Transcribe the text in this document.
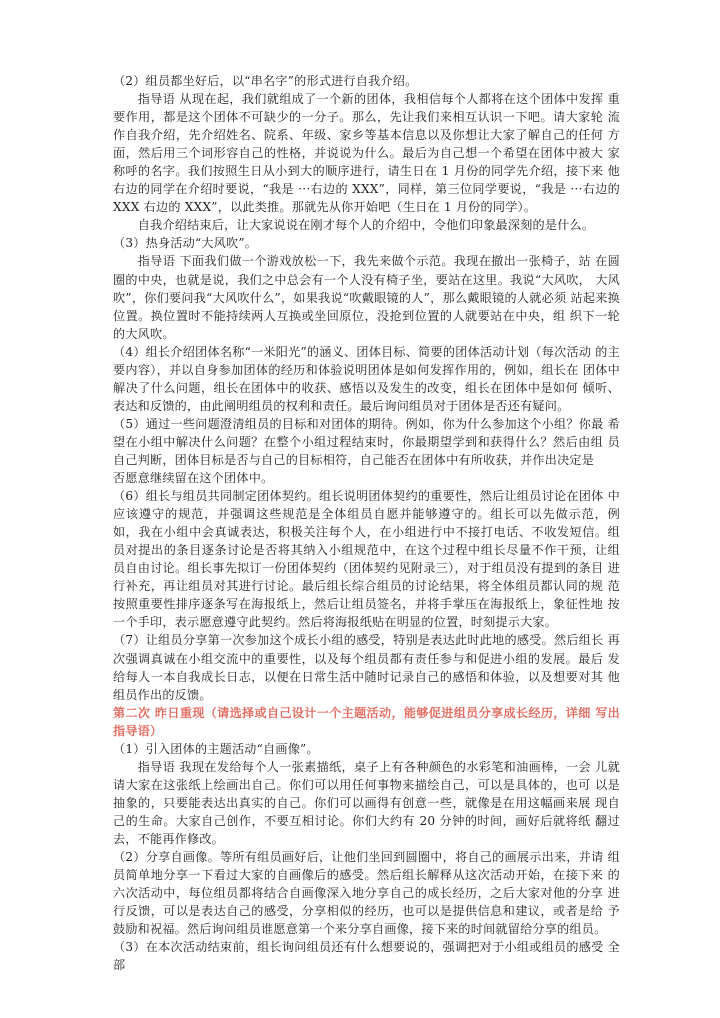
（2）组员都坐好后，以“串名字”的形式进行自我介绍。

指导语 从现在起，我们就组成了一个新的团体，我相信每个人都将在这个团体中发挥 重要作用，都是这个团体不可缺少的一分子。那么，先让我们来相互认识一下吧。请大家轮 流作自我介绍，先介绍姓名、院系、年级、家乡等基本信息以及你想让大家了解自己的任何 方面，然后用三个词形容自己的性格，并说说为什么。最后为自己想一个希望在团体中被大 家称呼的名字。我们按照生日从小到大的顺序进行，请生日在 1 月份的同学先介绍，接下来 他右边的同学在介绍时要说，“我是 ···右边的 XXX”，同样，第三位同学要说，“我是 ···右边的 XXX 右边的 XXX”，以此类推。那就先从你开始吧（生日在 1 月份的同学）。

自我介绍结束后，让大家说说在刚才每个人的介绍中，令他们印象最深刻的是什么。

（3）热身活动“大风吹”。

指导语 下面我们做一个游戏放松一下，我先来做个示范。我现在撤出一张椅子，站 在圆圈的中央，也就是说，我们之中总会有一个人没有椅子坐，要站在这里。我说“大风吹， 大风吹”，你们要问我“大风吹什么”，如果我说“吹戴眼镜的人”，那么戴眼镜的人就必须 站起来换位置。换位置时不能持续两人互换或坐回原位，没抢到位置的人就要站在中央，组 织下一轮的大风吹。

（4）组长介绍团体名称“一米阳光”的涵义、团体目标、简要的团体活动计划（每次活动 的主要内容），并以自身参加团体的经历和体验说明团体是如何发挥作用的，例如，组长在 团体中解决了什么问题，组长在团体中的收获、感悟以及发生的改变，组长在团体中是如何 倾听、表达和反馈的，由此阐明组员的权利和责任。最后询问组员对于团体是否还有疑问。

（5）通过一些问题澄清组员的目标和对团体的期待。例如，你为什么参加这个小组？你最 希望在小组中解决什么问题？在整个小组过程结束时，你最期望学到和获得什么？然后由组 员自己判断，团体目标是否与自己的目标相符，自己能否在团体中有所收获，并作出决定是

否愿意继续留在这个团体中。

（6）组长与组员共同制定团体契约。组长说明团体契约的重要性，然后让组员讨论在团体 中应该遵守的规范，并强调这些规范是全体组员自愿并能够遵守的。组长可以先做示范，例 如，我在小组中会真诚表达，积极关注每个人，在小组进行中不接打电话、不收发短信。组 员对提出的条目逐条讨论是否将其纳入小组规范中，在这个过程中组长尽量不作干预，让组 员自由讨论。组长事先拟订一份团体契约（团体契约见附录三），对于组员没有提到的条目 进行补充，再让组员对其进行讨论。最后组长综合组员的讨论结果，将全体组员都认同的规 范按照重要性排序逐条写在海报纸上，然后让组员签名，并将手掌压在海报纸上，象征性地 按一个手印，表示愿意遵守此契约。然后将海报纸贴在明显的位置，时刻提示大家。

（7）让组员分享第一次参加这个成长小组的感受，特别是表达此时此地的感受。然后组长 再次强调真诚在小组交流中的重要性，以及每个组员都有责任参与和促进小组的发展。最后 发给每人一本自我成长日志，以便在日常生活中随时记录自己的感悟和体验，以及想要对其 他组员作出的反馈。

第二次 昨日重现（请选择或自己设计一个主题活动，能够促进组员分享成长经历，详细 写出指导语）

（1）引入团体的主题活动“自画像”。

指导语 我现在发给每个人一张素描纸，桌子上有各种颜色的水彩笔和油画棒，一会 儿就请大家在这张纸上绘画出自己。你们可以用任何事物来描绘自己，可以是具体的，也可 以是抽象的，只要能表达出真实的自己。你们可以画得有创意一些，就像是在用这幅画来展 现自己的生命。大家自己创作，不要互相讨论。你们大约有 20 分钟的时间，画好后就将纸 翻过去，不能再作修改。

（2）分享自画像。等所有组员画好后，让他们坐回到圆圈中，将自己的画展示出来，并请 组员简单地分享一下看过大家的自画像后的感受。然后组长解释从这次活动开始，在接下来 的六次活动中，每位组员都将结合自画像深入地分享自己的成长经历，之后大家对他的分享 进行反馈，可以是表达自己的感受，分享相似的经历，也可以是提供信息和建议，或者是给 予鼓励和祝福。然后询问组员谁愿意第一个来分享自画像，接下来的时间就留给分享的组员。

（3）在本次活动结束前，组长询问组员还有什么想要说的，强调把对于小组或组员的感受 全部
